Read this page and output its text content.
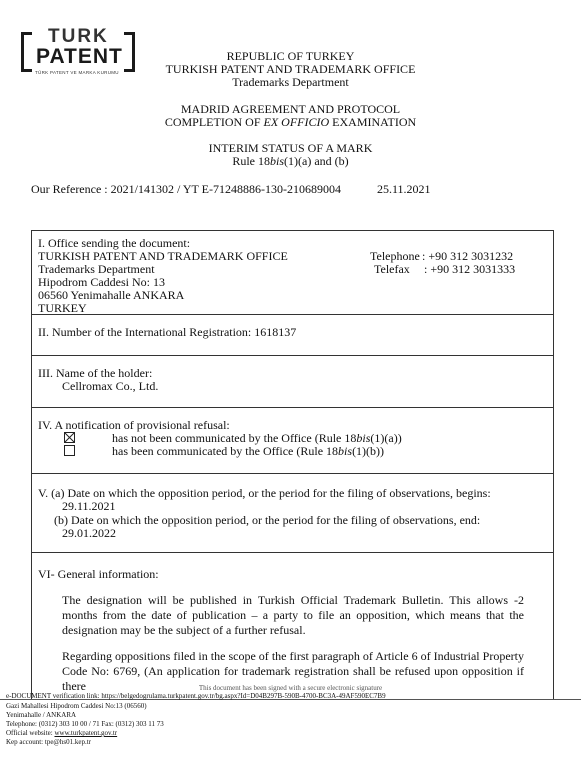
TURK
PATENT
TÜRK PATENT VE MARKA KURUMU
REPUBLIC OF TURKEY
TURKISH PATENT AND TRADEMARK OFFICE
Trademarks Department
MADRID AGREEMENT AND PROTOCOL
COMPLETION OF EX OFFICIO EXAMINATION
INTERIM STATUS OF A MARK
Rule 18bis(1)(a) and (b)
Our Reference : 2021/141302 / YT E-71248886-130-210689004	25.11.2021
I. Office sending the document:
TURKISH PATENT AND TRADEMARK OFFICE
Trademarks Department
Hipodrom Caddesi No: 13
06560 Yenimahalle ANKARA
TURKEY
Telephone : +90 312 3031232
Telefax : +90 312 3031333
II. Number of the International Registration: 1618137
III. Name of the holder:
Cellromax Co., Ltd.
IV. A notification of provisional refusal:
has not been communicated by the Office (Rule 18bis(1)(a))
has been communicated by the Office (Rule 18bis(1)(b))
V. (a) Date on which the opposition period, or the period for the filing of observations, begins:
29.11.2021
(b) Date on which the opposition period, or the period for the filing of observations, end:
29.01.2022
VI- General information:
The designation will be published in Turkish Official Trademark Bulletin. This allows -2 months from the date of publication – a party to file an opposition, which means that the designation may be the subject of a further refusal.
Regarding oppositions filed in the scope of the first paragraph of Article 6 of Industrial Property Code No: 6769, (An application for trademark registration shall be refused upon opposition if there	This document has been signed with a secure electronic signature
e-DOCUMENT verification link: https://belgedogrulama.turkpatent.gov.tr/bg.aspx?Id=D04B297B-590B-4700-BC3A-49AF590EC7B9
Gazi Mahallesi Hipodrom Caddesi No:13 (06560)
Yenimahalle / ANKARA
Telephone: (0312) 303 10 00 / 71 Fax: (0312) 303 11 73
Official website: www.turkpatent.gov.tr
Kep account: tpe@hs01.kep.tr
